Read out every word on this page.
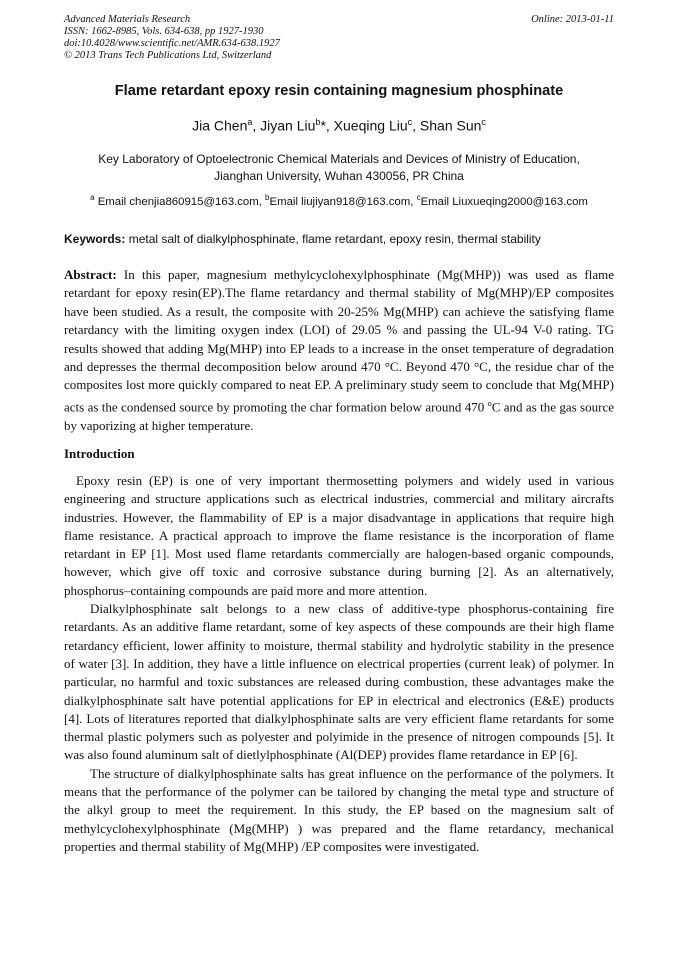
Advanced Materials Research
ISSN: 1662-8985, Vols. 634-638, pp 1927-1930
doi:10.4028/www.scientific.net/AMR.634-638.1927
© 2013 Trans Tech Publications Ltd, Switzerland
Online: 2013-01-11
Flame retardant epoxy resin containing magnesium phosphinate
Jia Chen$^a$, Jiyan Liu$^b$*, Xueqing Liu$^c$, Shan Sun$^c$
Key Laboratory of Optoelectronic Chemical Materials and Devices of Ministry of Education,
Jianghan University, Wuhan 430056, PR China
$^a$ Email chenjia860915@163.com, $^b$Email liujiyan918@163.com, $^c$Email Liuxueqing2000@163.com
Keywords: metal salt of dialkylphosphinate, flame retardant, epoxy resin, thermal stability
Abstract: In this paper, magnesium methylcyclohexylphosphinate (Mg(MHP)) was used as flame retardant for epoxy resin(EP).The flame retardancy and thermal stability of Mg(MHP)/EP composites have been studied. As a result, the composite with 20-25% Mg(MHP) can achieve the satisfying flame retardancy with the limiting oxygen index (LOI) of 29.05 % and passing the UL-94 V-0 rating. TG results showed that adding Mg(MHP) into EP leads to a increase in the onset temperature of degradation and depresses the thermal decomposition below around 470 °C. Beyond 470 °C, the residue char of the composites lost more quickly compared to neat EP. A preliminary study seem to conclude that Mg(MHP) acts as the condensed source by promoting the char formation below around 470 $^o$C and as the gas source by vaporizing at higher temperature.
Introduction

Epoxy resin (EP) is one of very important thermosetting polymers and widely used in various engineering and structure applications such as electrical industries, commercial and military aircrafts industries. However, the flammability of EP is a major disadvantage in applications that require high flame resistance. A practical approach to improve the flame resistance is the incorporation of flame retardant in EP [1]. Most used flame retardants commercially are halogen-based organic compounds, however, which give off toxic and corrosive substance during burning [2]. As an alternatively, phosphorus–containing compounds are paid more and more attention.

Dialkylphosphinate salt belongs to a new class of additive-type phosphorus-containing fire retardants. As an additive flame retardant, some of key aspects of these compounds are their high flame retardancy efficient, lower affinity to moisture, thermal stability and hydrolytic stability in the presence of water [3]. In addition, they have a little influence on electrical properties (current leak) of polymer. In particular, no harmful and toxic substances are released during combustion, these advantages make the dialkylphosphinate salt have potential applications for EP in electrical and electronics (E&E) products [4]. Lots of literatures reported that dialkylphosphinate salts are very efficient flame retardants for some thermal plastic polymers such as polyester and polyimide in the presence of nitrogen compounds [5]. It was also found aluminum salt of dietlylphosphinate (Al(DEP) provides flame retardance in EP [6].

The structure of dialkylphosphinate salts has great influence on the performance of the polymers. It means that the performance of the polymer can be tailored by changing the metal type and structure of the alkyl group to meet the requirement. In this study, the EP based on the magnesium salt of methylcyclohexylphosphinate (Mg(MHP) ) was prepared and the flame retardancy, mechanical properties and thermal stability of Mg(MHP) /EP composites were investigated.
